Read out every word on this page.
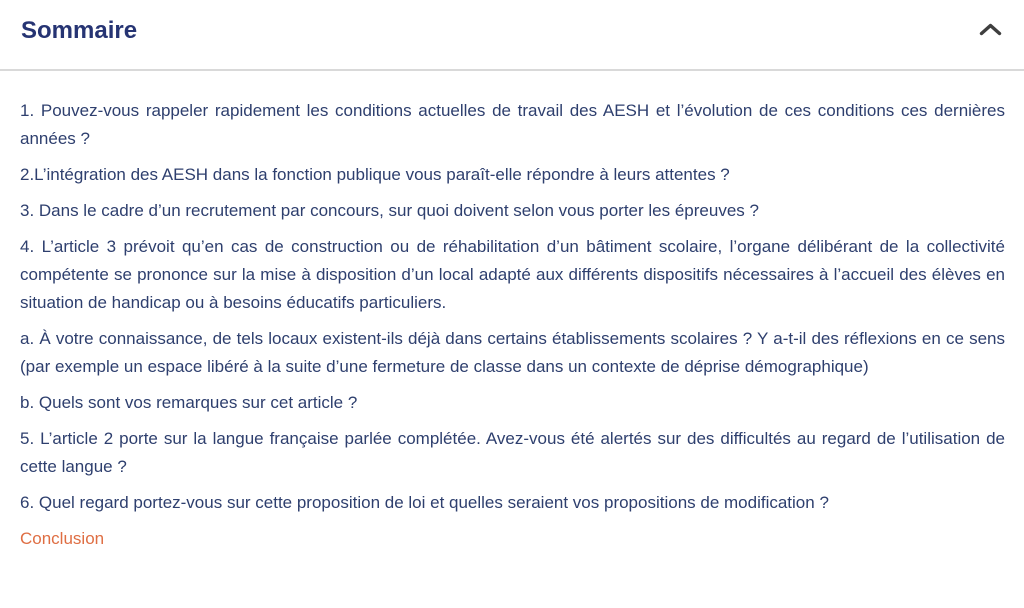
Sommaire

1. Pouvez-vous rappeler rapidement les conditions actuelles de travail des AESH et l’évolution de ces conditions ces dernières années ?

2.L’intégration des AESH dans la fonction publique vous paraît-elle répondre à leurs attentes ?

3. Dans le cadre d’un recrutement par concours, sur quoi doivent selon vous porter les épreuves ?

4. L’article 3 prévoit qu’en cas de construction ou de réhabilitation d’un bâtiment scolaire, l’organe délibérant de la collectivité compétente se prononce sur la mise à disposition d’un local adapté aux différents dispositifs nécessaires à l’accueil des élèves en situation de handicap ou à besoins éducatifs particuliers.

a. À votre connaissance, de tels locaux existent-ils déjà dans certains établissements scolaires ? Y a-t-il des réflexions en ce sens (par exemple un espace libéré à la suite d’une fermeture de classe dans un contexte de déprise démographique)

b. Quels sont vos remarques sur cet article ?

5. L’article 2 porte sur la langue française parlée complétée. Avez-vous été alertés sur des difficultés au regard de l’utilisation de cette langue ?

6. Quel regard portez-vous sur cette proposition de loi et quelles seraient vos propositions de modification ?

Conclusion
